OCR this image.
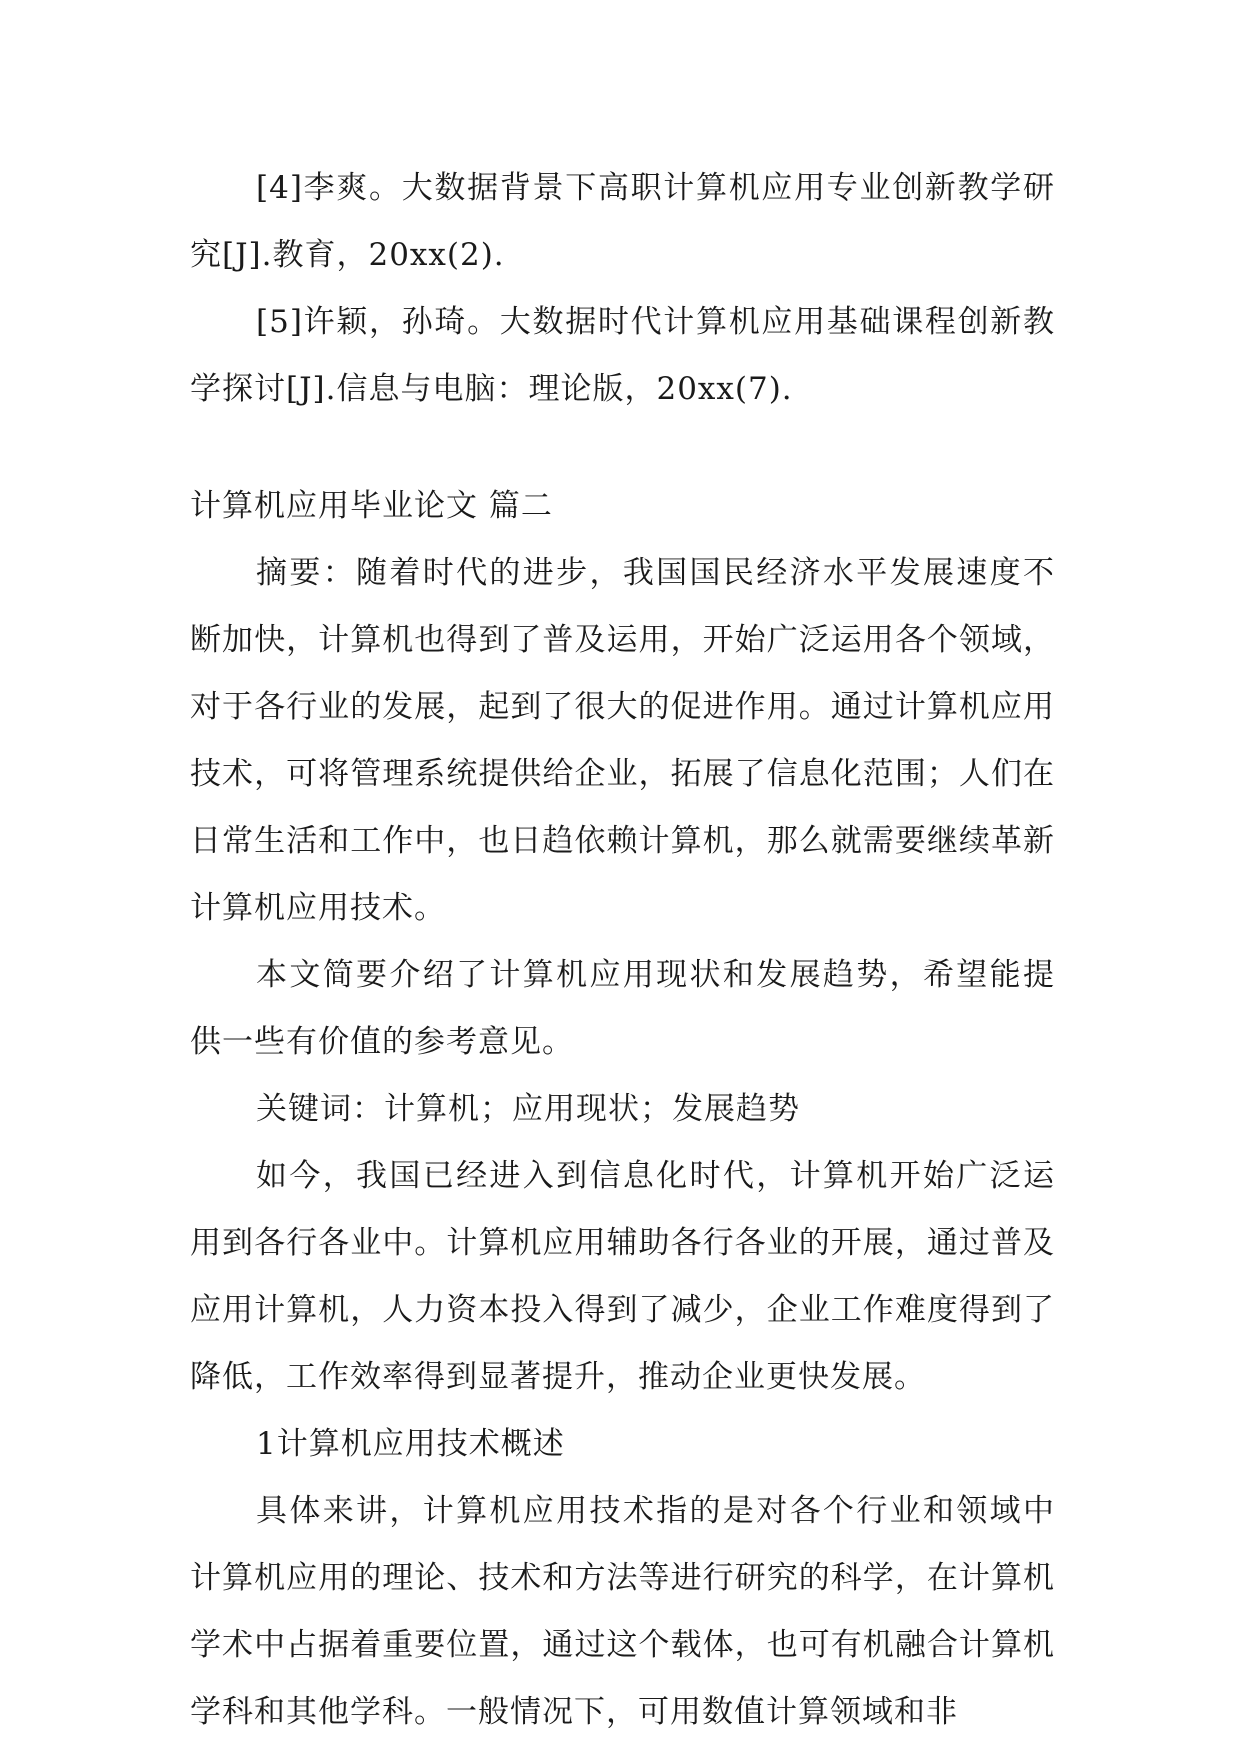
[4]李爽。大数据背景下高职计算机应用专业创新教学研究[J].教育，20xx(2).

[5]许颖，孙琦。大数据时代计算机应用基础课程创新教学探讨[J].信息与电脑：理论版，20xx(7).

计算机应用毕业论文 篇二

摘要：随着时代的进步，我国国民经济水平发展速度不断加快，计算机也得到了普及运用，开始广泛运用各个领域，对于各行业的发展，起到了很大的促进作用。通过计算机应用技术，可将管理系统提供给企业，拓展了信息化范围；人们在日常生活和工作中，也日趋依赖计算机，那么就需要继续革新计算机应用技术。

本文简要介绍了计算机应用现状和发展趋势，希望能提供一些有价值的参考意见。

关键词：计算机；应用现状；发展趋势

如今，我国已经进入到信息化时代，计算机开始广泛运用到各行各业中。计算机应用辅助各行各业的开展，通过普及应用计算机，人力资本投入得到了减少，企业工作难度得到了降低，工作效率得到显著提升，推动企业更快发展。

1计算机应用技术概述

具体来讲，计算机应用技术指的是对各个行业和领域中计算机应用的理论、技术和方法等进行研究的科学，在计算机学术中占据着重要位置，通过这个载体，也可有机融合计算机学科和其他学科。一般情况下，可用数值计算领域和非
